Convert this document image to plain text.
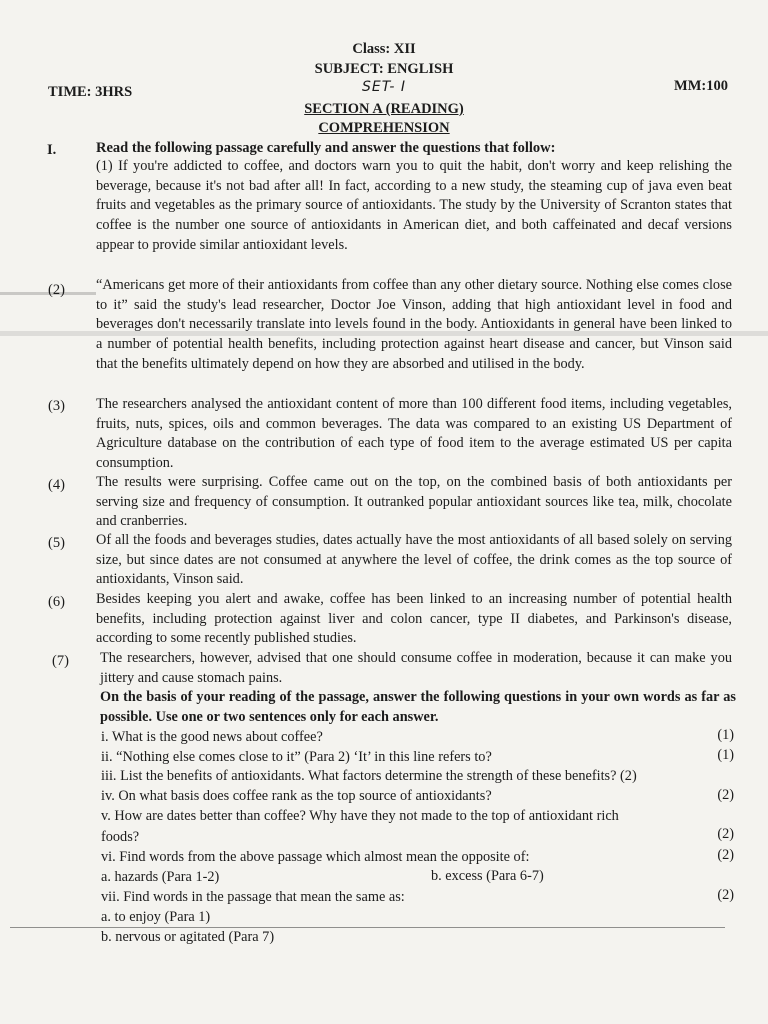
Class: XII
SUBJECT: ENGLISH
SET- I
TIME: 3HRS	MM:100
SECTION A (READING)
COMPREHENSION
I.	Read the following passage carefully and answer the questions that follow:
(1) If you're addicted to coffee, and doctors warn you to quit the habit, don't worry and keep relishing the beverage, because it's not bad after all! In fact, according to a new study, the steaming cup of java even beat fruits and vegetables as the primary source of antioxidants. The study by the University of Scranton states that coffee is the number one source of antioxidants in American diet, and both caffeinated and decaf versions appear to provide similar antioxidant levels.
(2) “Americans get more of their antioxidants from coffee than any other dietary source. Nothing else comes close to it” said the study's lead researcher, Doctor Joe Vinson, adding that high antioxidant level in food and beverages don't necessarily translate into levels found in the body. Antioxidants in general have been linked to a number of potential health benefits, including protection against heart disease and cancer, but Vinson said that the benefits ultimately depend on how they are absorbed and utilised in the body.
(3) The researchers analysed the antioxidant content of more than 100 different food items, including vegetables, fruits, nuts, spices, oils and common beverages. The data was compared to an existing US Department of Agriculture database on the contribution of each type of food item to the average estimated US per capita consumption.
(4) The results were surprising. Coffee came out on the top, on the combined basis of both antioxidants per serving size and frequency of consumption. It outranked popular antioxidant sources like tea, milk, chocolate and cranberries.
(5) Of all the foods and beverages studies, dates actually have the most antioxidants of all based solely on serving size, but since dates are not consumed at anywhere the level of coffee, the drink comes as the top source of antioxidants, Vinson said.
(6) Besides keeping you alert and awake, coffee has been linked to an increasing number of potential health benefits, including protection against liver and colon cancer, type II diabetes, and Parkinson's disease, according to some recently published studies.
(7) The researchers, however, advised that one should consume coffee in moderation, because it can make you jittery and cause stomach pains.
On the basis of your reading of the passage, answer the following questions in your own words as far as possible. Use one or two sentences only for each answer.
i. What is the good news about coffee?	(1)
ii. “Nothing else comes close to it” (Para 2) ‘It’ in this line refers to?	(1)
iii. List the benefits of antioxidants. What factors determine the strength of these benefits? (2)
iv. On what basis does coffee rank as the top source of antioxidants?	(2)
v. How are dates better than coffee? Why have they not made to the top of antioxidant rich
foods?	(2)
vi. Find words from the above passage which almost mean the opposite of:	(2)
a. hazards (Para 1-2)	b. excess (Para 6-7)
vii. Find words in the passage that mean the same as:	(2)
a. to enjoy (Para 1)
b. nervous or agitated (Para 7)
